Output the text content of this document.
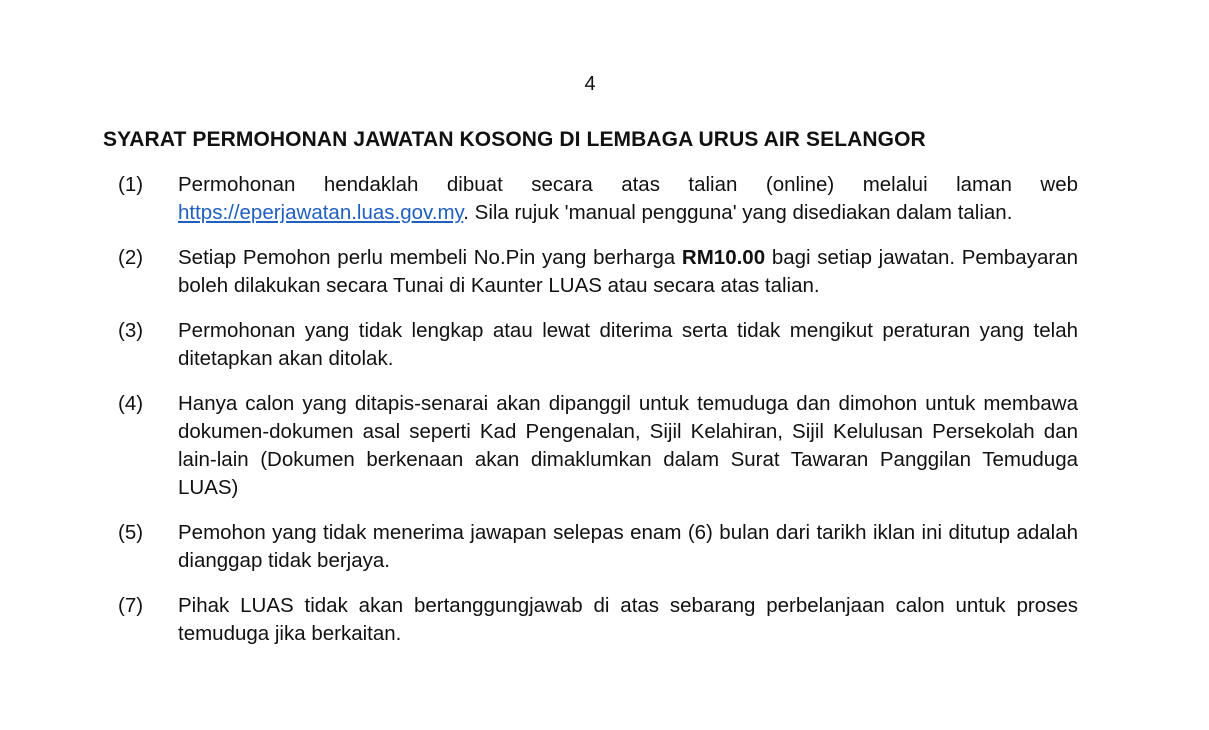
4
SYARAT PERMOHONAN JAWATAN KOSONG DI LEMBAGA URUS AIR SELANGOR
(1)	Permohonan hendaklah dibuat secara atas talian (online) melalui laman web https://eperjawatan.luas.gov.my. Sila rujuk 'manual pengguna' yang disediakan dalam talian.
(2)	Setiap Pemohon perlu membeli No.Pin yang berharga RM10.00 bagi setiap jawatan. Pembayaran boleh dilakukan secara Tunai di Kaunter LUAS atau secara atas talian.
(3)	Permohonan yang tidak lengkap atau lewat diterima serta tidak mengikut peraturan yang telah ditetapkan akan ditolak.
(4)	Hanya calon yang ditapis-senarai akan dipanggil untuk temuduga dan dimohon untuk membawa dokumen-dokumen asal seperti Kad Pengenalan, Sijil Kelahiran, Sijil Kelulusan Persekolah dan lain-lain (Dokumen berkenaan akan dimaklumkan dalam Surat Tawaran Panggilan Temuduga LUAS)
(5)	Pemohon yang tidak menerima jawapan selepas enam (6) bulan dari tarikh iklan ini ditutup adalah dianggap tidak berjaya.
(7)	Pihak LUAS tidak akan bertanggungjawab di atas sebarang perbelanjaan calon untuk proses temuduga jika berkaitan.
